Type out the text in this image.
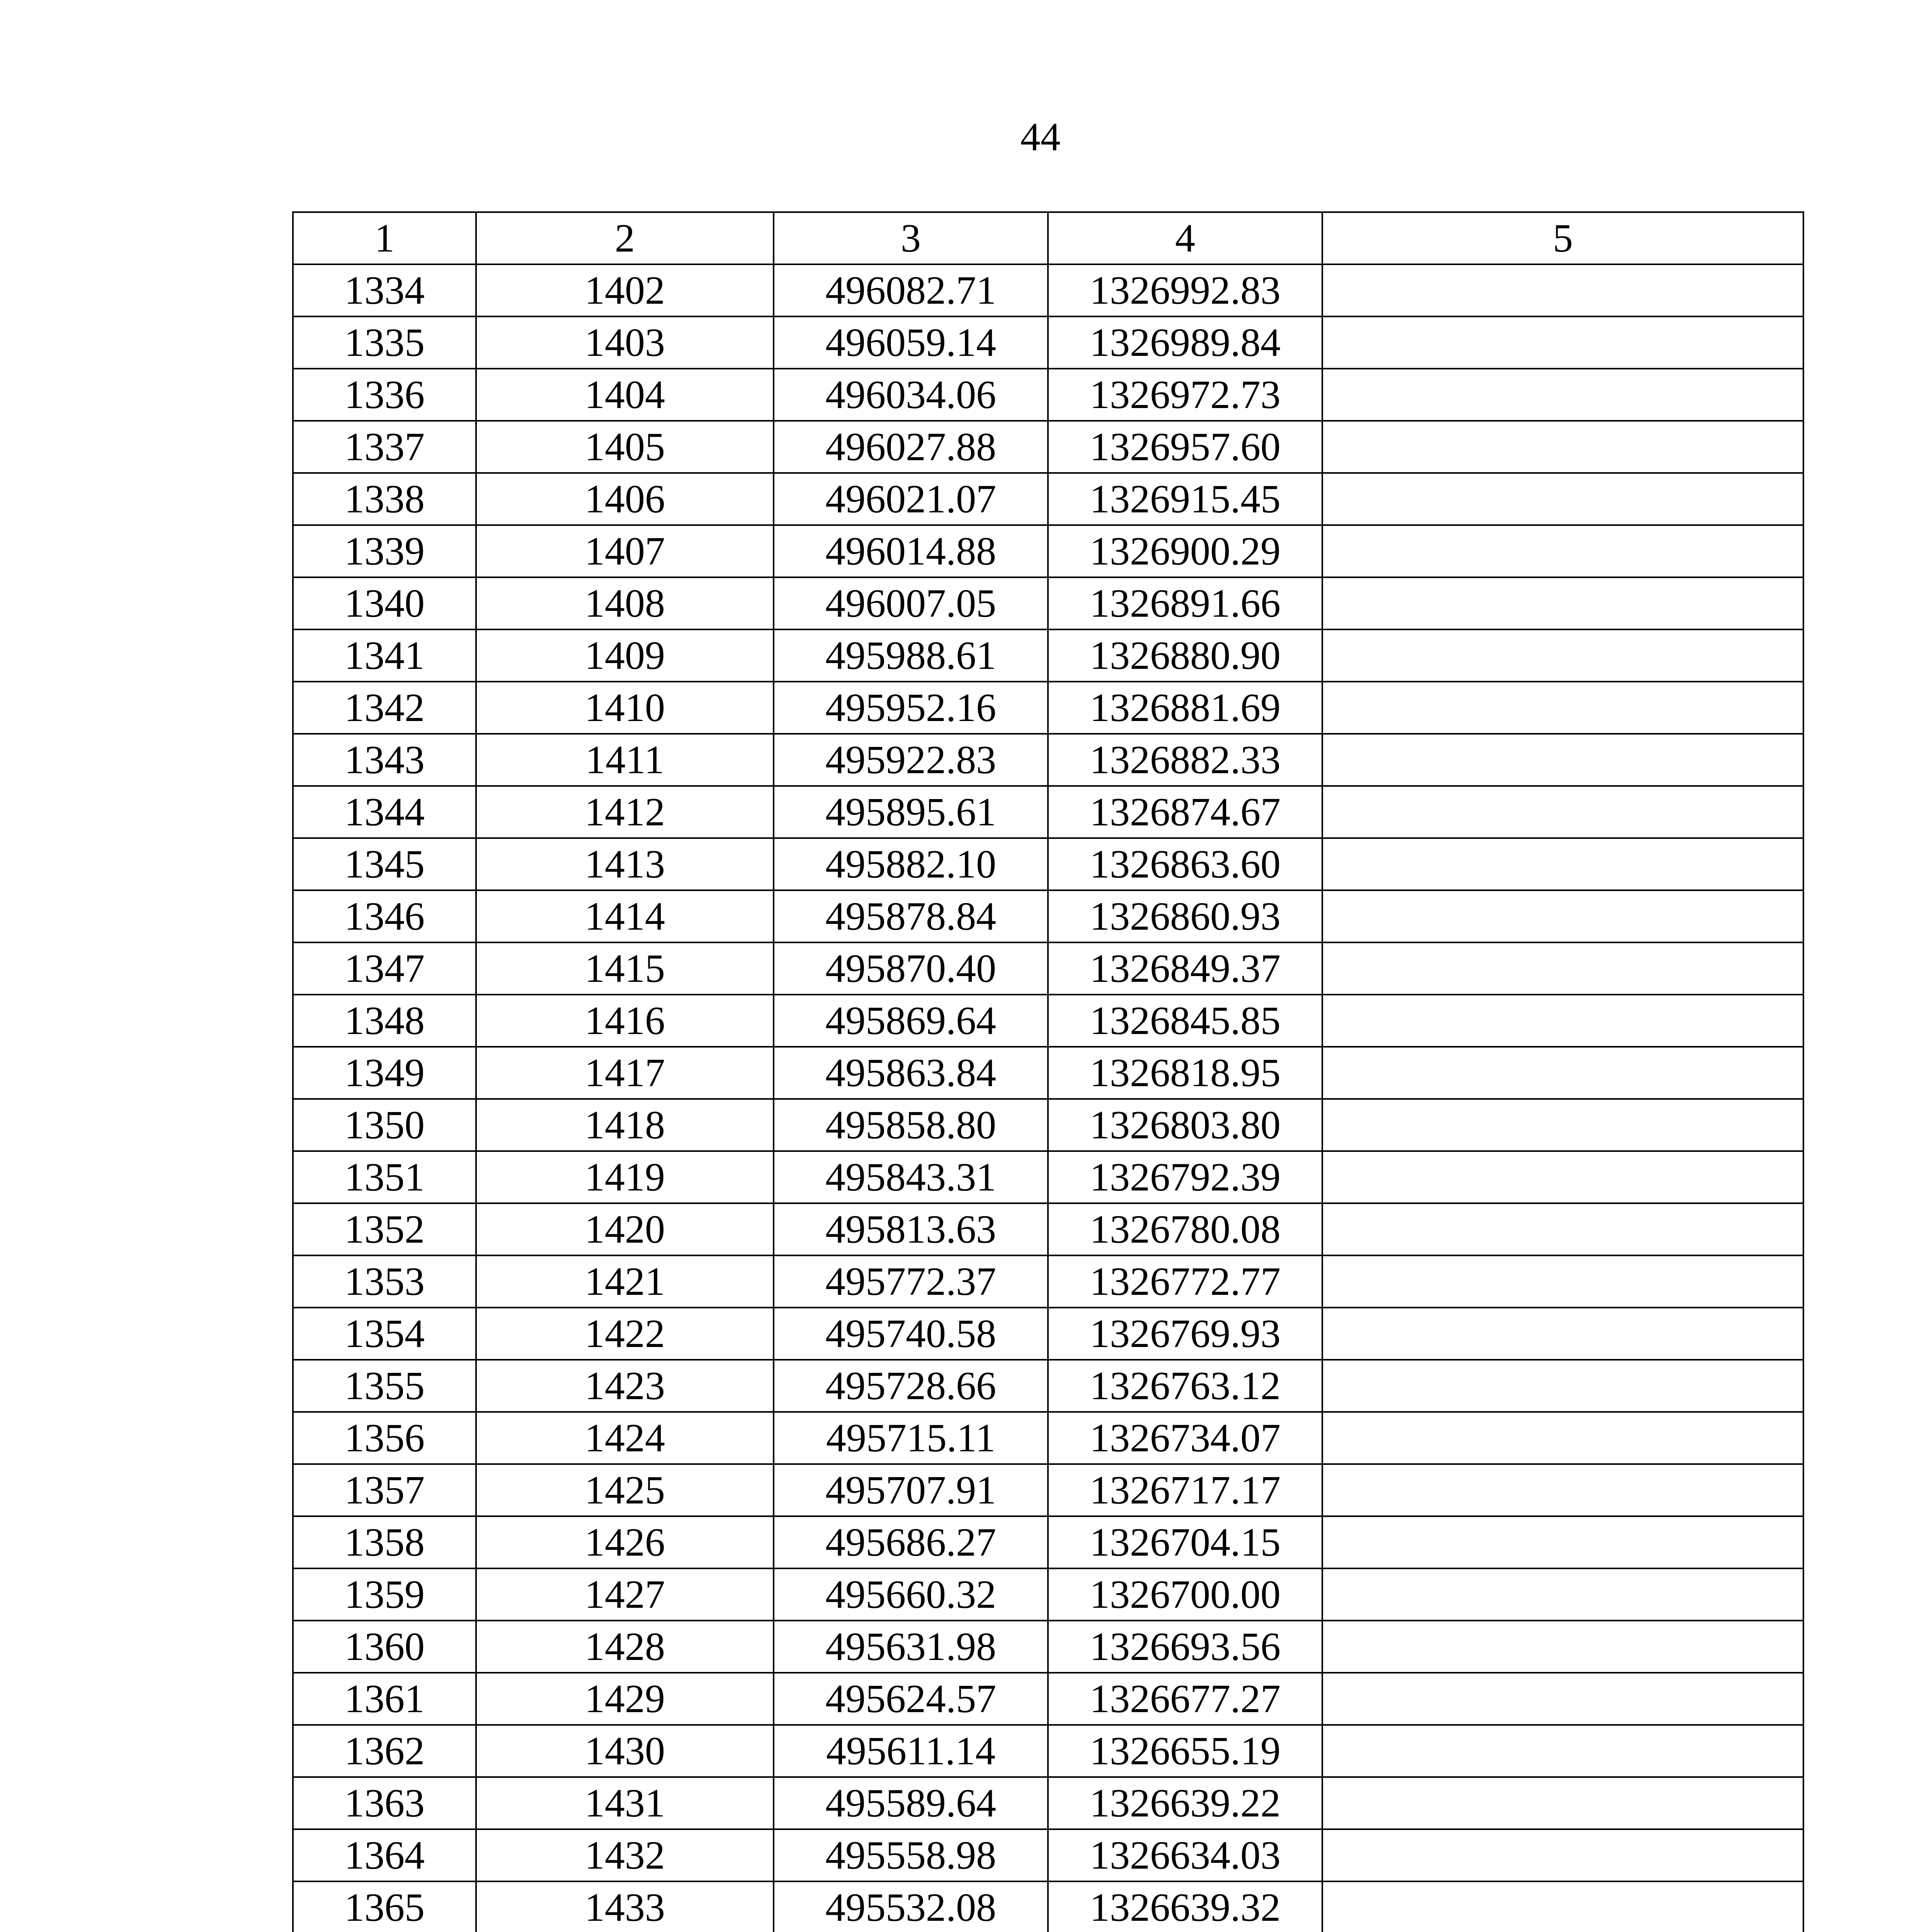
44
1	2	3	4	5
1334	1402	496082.71	1326992.83	
1335	1403	496059.14	1326989.84	
1336	1404	496034.06	1326972.73	
1337	1405	496027.88	1326957.60	
1338	1406	496021.07	1326915.45	
1339	1407	496014.88	1326900.29	
1340	1408	496007.05	1326891.66	
1341	1409	495988.61	1326880.90	
1342	1410	495952.16	1326881.69	
1343	1411	495922.83	1326882.33	
1344	1412	495895.61	1326874.67	
1345	1413	495882.10	1326863.60	
1346	1414	495878.84	1326860.93	
1347	1415	495870.40	1326849.37	
1348	1416	495869.64	1326845.85	
1349	1417	495863.84	1326818.95	
1350	1418	495858.80	1326803.80	
1351	1419	495843.31	1326792.39	
1352	1420	495813.63	1326780.08	
1353	1421	495772.37	1326772.77	
1354	1422	495740.58	1326769.93	
1355	1423	495728.66	1326763.12	
1356	1424	495715.11	1326734.07	
1357	1425	495707.91	1326717.17	
1358	1426	495686.27	1326704.15	
1359	1427	495660.32	1326700.00	
1360	1428	495631.98	1326693.56	
1361	1429	495624.57	1326677.27	
1362	1430	495611.14	1326655.19	
1363	1431	495589.64	1326639.22	
1364	1432	495558.98	1326634.03	
1365	1433	495532.08	1326639.32	
